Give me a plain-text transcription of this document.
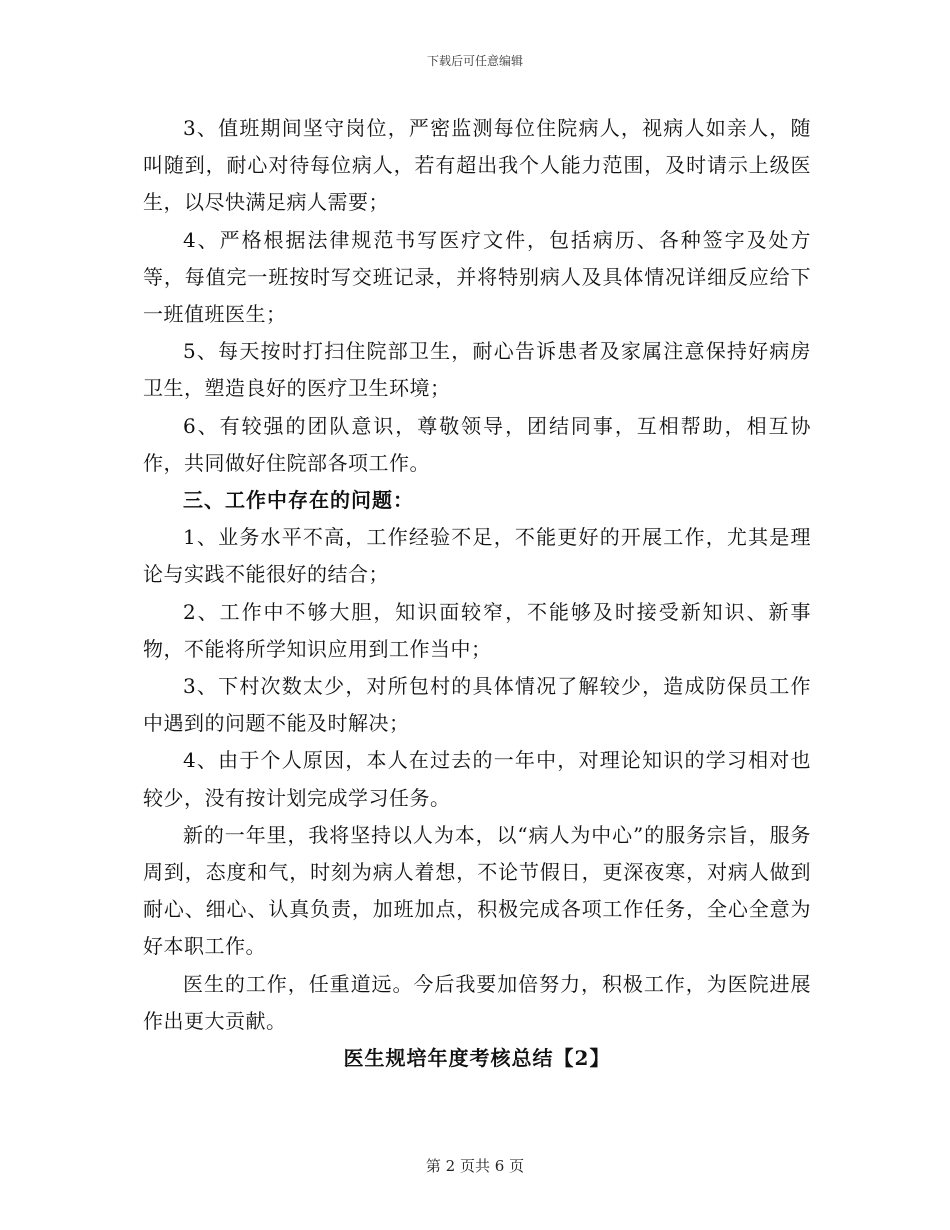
下载后可任意编辑

3、值班期间坚守岗位，严密监测每位住院病人，视病人如亲人，随叫随到，耐心对待每位病人，若有超出我个人能力范围，及时请示上级医生，以尽快满足病人需要；

4、严格根据法律规范书写医疗文件，包括病历、各种签字及处方等，每值完一班按时写交班记录，并将特别病人及具体情况详细反应给下一班值班医生；

5、每天按时打扫住院部卫生，耐心告诉患者及家属注意保持好病房卫生，塑造良好的医疗卫生环境；

6、有较强的团队意识，尊敬领导，团结同事，互相帮助，相互协作，共同做好住院部各项工作。

三、工作中存在的问题：

1、业务水平不高，工作经验不足，不能更好的开展工作，尤其是理论与实践不能很好的结合；

2、工作中不够大胆，知识面较窄，不能够及时接受新知识、新事物，不能将所学知识应用到工作当中；

3、下村次数太少，对所包村的具体情况了解较少，造成防保员工作中遇到的问题不能及时解决；

4、由于个人原因，本人在过去的一年中，对理论知识的学习相对也较少，没有按计划完成学习任务。

新的一年里，我将坚持以人为本，以“病人为中心”的服务宗旨，服务周到，态度和气，时刻为病人着想，不论节假日，更深夜寒，对病人做到耐心、细心、认真负责，加班加点，积极完成各项工作任务，全心全意为好本职工作。

医生的工作，任重道远。今后我要加倍努力，积极工作，为医院进展作出更大贡献。

医生规培年度考核总结【2】

第 2 页共 6 页
